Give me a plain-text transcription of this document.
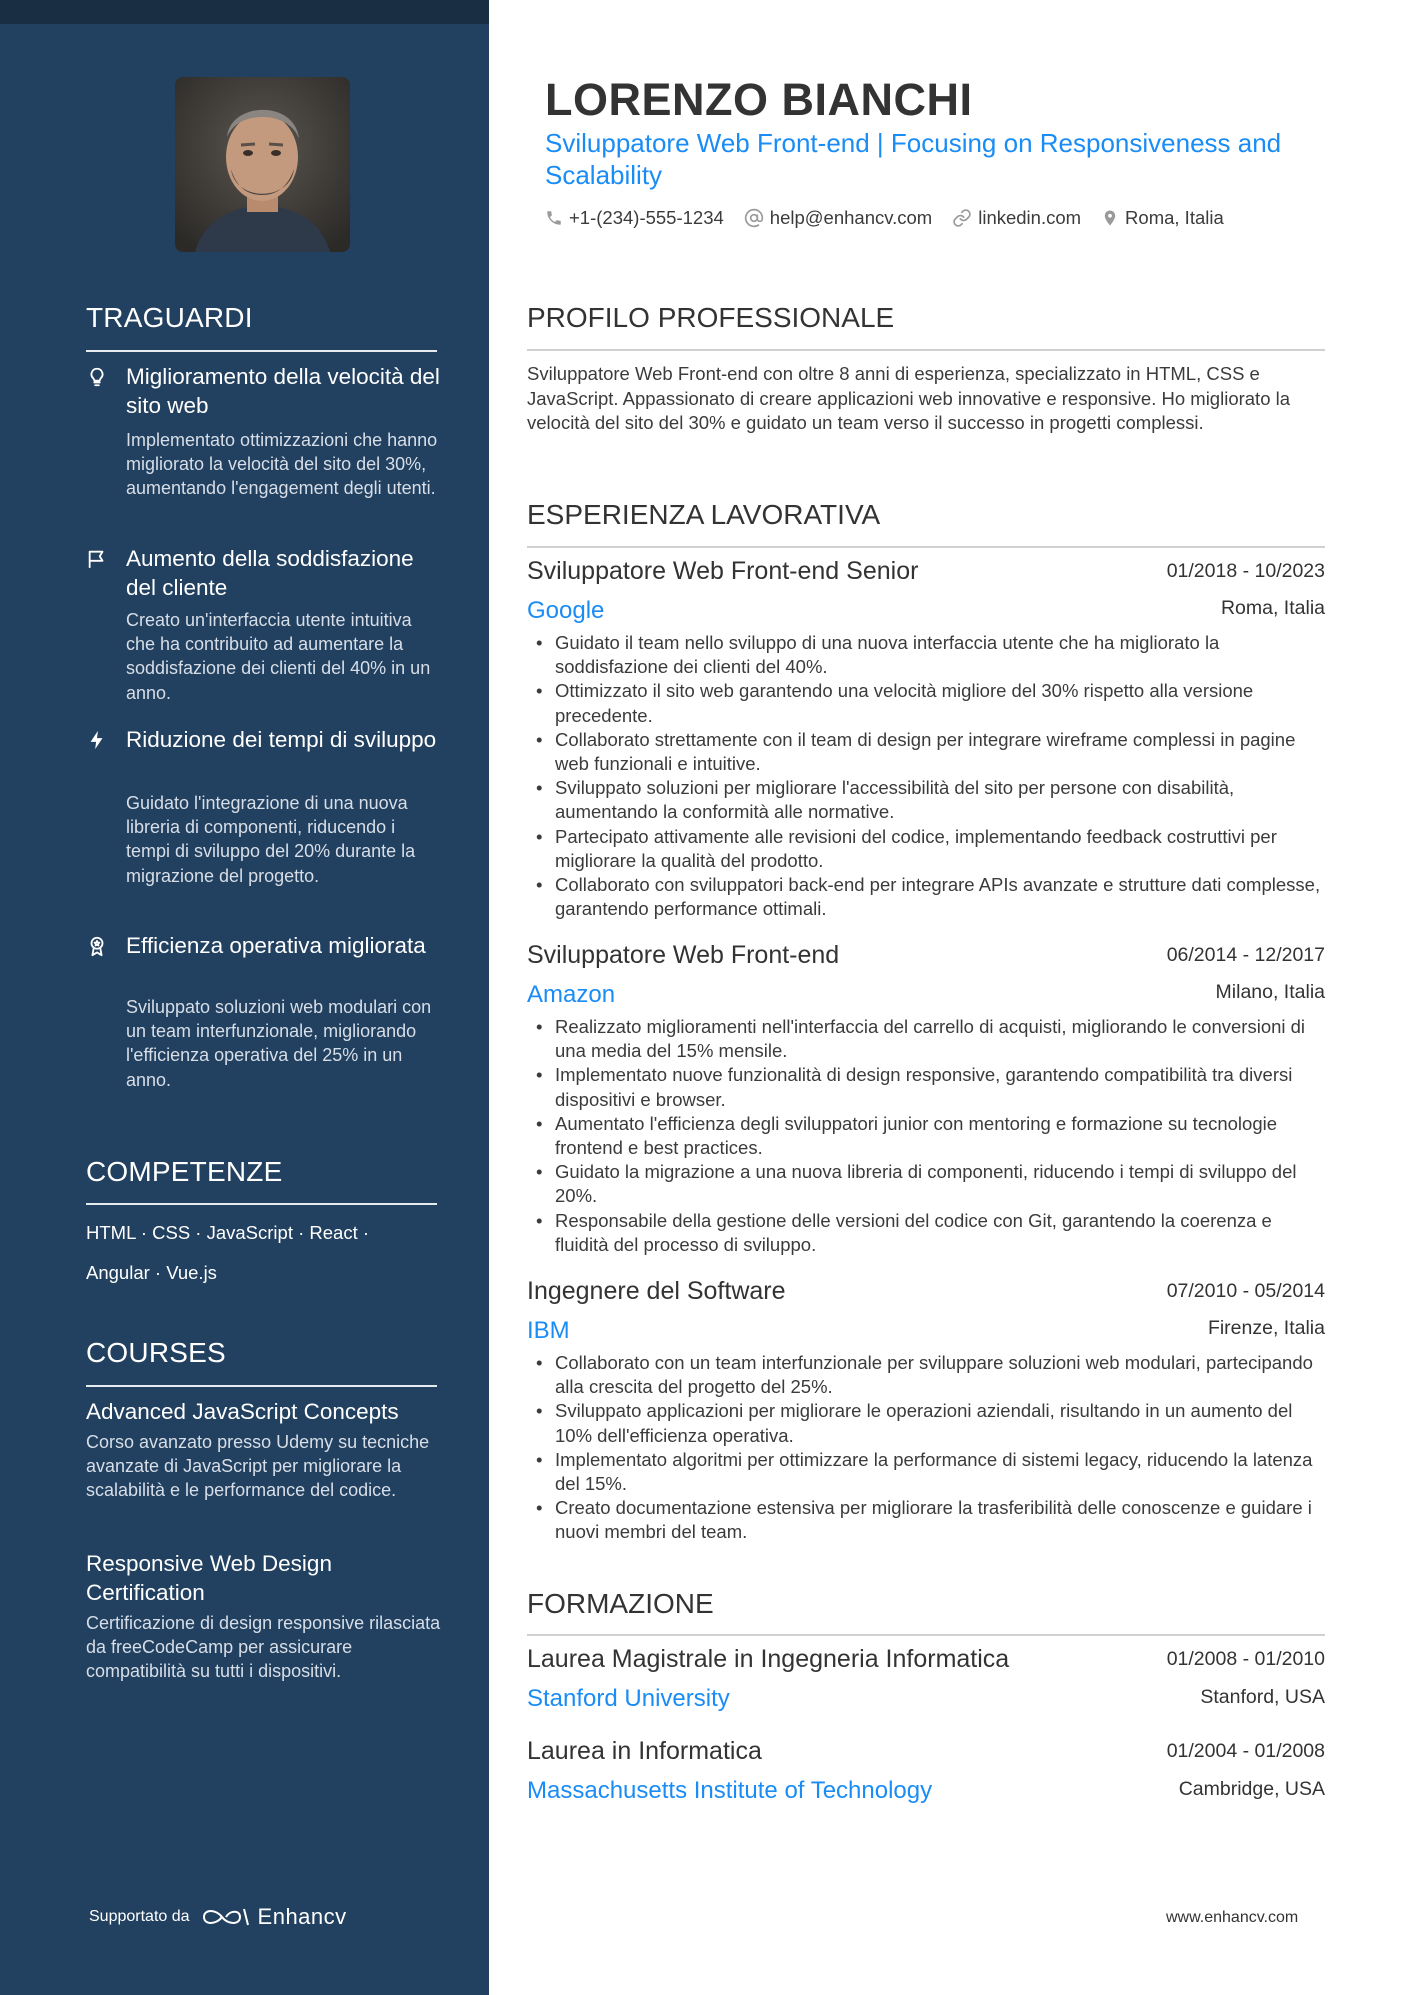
TRAGUARDI
Miglioramento della velocità del sito web
Implementato ottimizzazioni che hanno migliorato la velocità del sito del 30%, aumentando l'engagement degli utenti.
Aumento della soddisfazione del cliente
Creato un'interfaccia utente intuitiva che ha contribuito ad aumentare la soddisfazione dei clienti del 40% in un anno.
Riduzione dei tempi di sviluppo
Guidato l'integrazione di una nuova libreria di componenti, riducendo i tempi di sviluppo del 20% durante la migrazione del progetto.
Efficienza operativa migliorata
Sviluppato soluzioni web modulari con un team interfunzionale, migliorando l'efficienza operativa del 25% in un anno.
COMPETENZE
HTML · CSS · JavaScript · React ·
Angular · Vue.js
COURSES
Advanced JavaScript Concepts
Corso avanzato presso Udemy su tecniche avanzate di JavaScript per migliorare la scalabilità e le performance del codice.
Responsive Web Design Certification
Certificazione di design responsive rilasciata da freeCodeCamp per assicurare compatibilità su tutti i dispositivi.
Supportato da	Enhancv
LORENZO BIANCHI
Sviluppatore Web Front-end | Focusing on Responsiveness and Scalability
+1-(234)-555-1234 help@enhancv.com linkedin.com Roma, Italia
PROFILO PROFESSIONALE
Sviluppatore Web Front-end con oltre 8 anni di esperienza, specializzato in HTML, CSS e JavaScript. Appassionato di creare applicazioni web innovative e responsive. Ho migliorato la velocità del sito del 30% e guidato un team verso il successo in progetti complessi.
ESPERIENZA LAVORATIVA
Sviluppatore Web Front-end Senior	01/2018 - 10/2023
Google	Roma, Italia
• Guidato il team nello sviluppo di una nuova interfaccia utente che ha migliorato la soddisfazione dei clienti del 40%.
• Ottimizzato il sito web garantendo una velocità migliore del 30% rispetto alla versione precedente.
• Collaborato strettamente con il team di design per integrare wireframe complessi in pagine web funzionali e intuitive.
• Sviluppato soluzioni per migliorare l'accessibilità del sito per persone con disabilità, aumentando la conformità alle normative.
• Partecipato attivamente alle revisioni del codice, implementando feedback costruttivi per migliorare la qualità del prodotto.
• Collaborato con sviluppatori back-end per integrare APIs avanzate e strutture dati complesse, garantendo performance ottimali.
Sviluppatore Web Front-end	06/2014 - 12/2017
Amazon	Milano, Italia
• Realizzato miglioramenti nell'interfaccia del carrello di acquisti, migliorando le conversioni di una media del 15% mensile.
• Implementato nuove funzionalità di design responsive, garantendo compatibilità tra diversi dispositivi e browser.
• Aumentato l'efficienza degli sviluppatori junior con mentoring e formazione su tecnologie frontend e best practices.
• Guidato la migrazione a una nuova libreria di componenti, riducendo i tempi di sviluppo del 20%.
• Responsabile della gestione delle versioni del codice con Git, garantendo la coerenza e fluidità del processo di sviluppo.
Ingegnere del Software	07/2010 - 05/2014
IBM	Firenze, Italia
• Collaborato con un team interfunzionale per sviluppare soluzioni web modulari, partecipando alla crescita del progetto del 25%.
• Sviluppato applicazioni per migliorare le operazioni aziendali, risultando in un aumento del 10% dell'efficienza operativa.
• Implementato algoritmi per ottimizzare la performance di sistemi legacy, riducendo la latenza del 15%.
• Creato documentazione estensiva per migliorare la trasferibilità delle conoscenze e guidare i nuovi membri del team.
FORMAZIONE
Laurea Magistrale in Ingegneria Informatica	01/2008 - 01/2010
Stanford University	Stanford, USA
Laurea in Informatica	01/2004 - 01/2008
Massachusetts Institute of Technology	Cambridge, USA
www.enhancv.com
